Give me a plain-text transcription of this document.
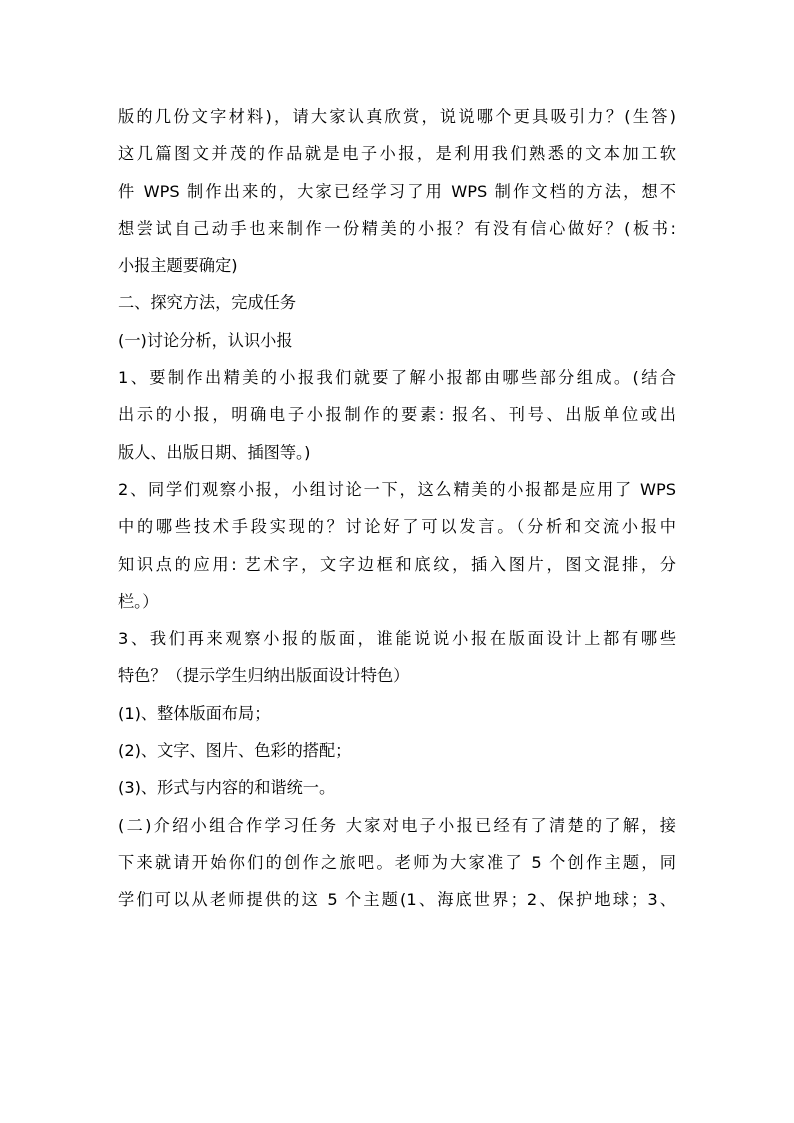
版的几份文字材料)，请大家认真欣赏，说说哪个更具吸引力？(生答)
这几篇图文并茂的作品就是电子小报，是利用我们熟悉的文本加工软
件 WPS 制作出来的，大家已经学习了用 WPS 制作文档的方法，想不
想尝试自己动手也来制作一份精美的小报？有没有信心做好？(板书:
小报主题要确定)
二、探究方法，完成任务
(一)讨论分析，认识小报
1、要制作出精美的小报我们就要了解小报都由哪些部分组成。(结合
出示的小报，明确电子小报制作的要素: 报名、刊号、出版单位或出
版人、出版日期、插图等。)
2、同学们观察小报，小组讨论一下，这么精美的小报都是应用了 WPS
中的哪些技术手段实现的？讨论好了可以发言。（分析和交流小报中
知识点的应用: 艺术字，文字边框和底纹，插入图片，图文混排，分
栏。）
3、我们再来观察小报的版面，谁能说说小报在版面设计上都有哪些
特色？（提示学生归纳出版面设计特色）
(1)、整体版面布局；
(2)、文字、图片、色彩的搭配；
(3)、形式与内容的和谐统一。
(二)介绍小组合作学习任务 大家对电子小报已经有了清楚的了解，接
下来就请开始你们的创作之旅吧。老师为大家准了 5 个创作主题，同
学们可以从老师提供的这 5 个主题(1、海底世界；2、保护地球；3、
